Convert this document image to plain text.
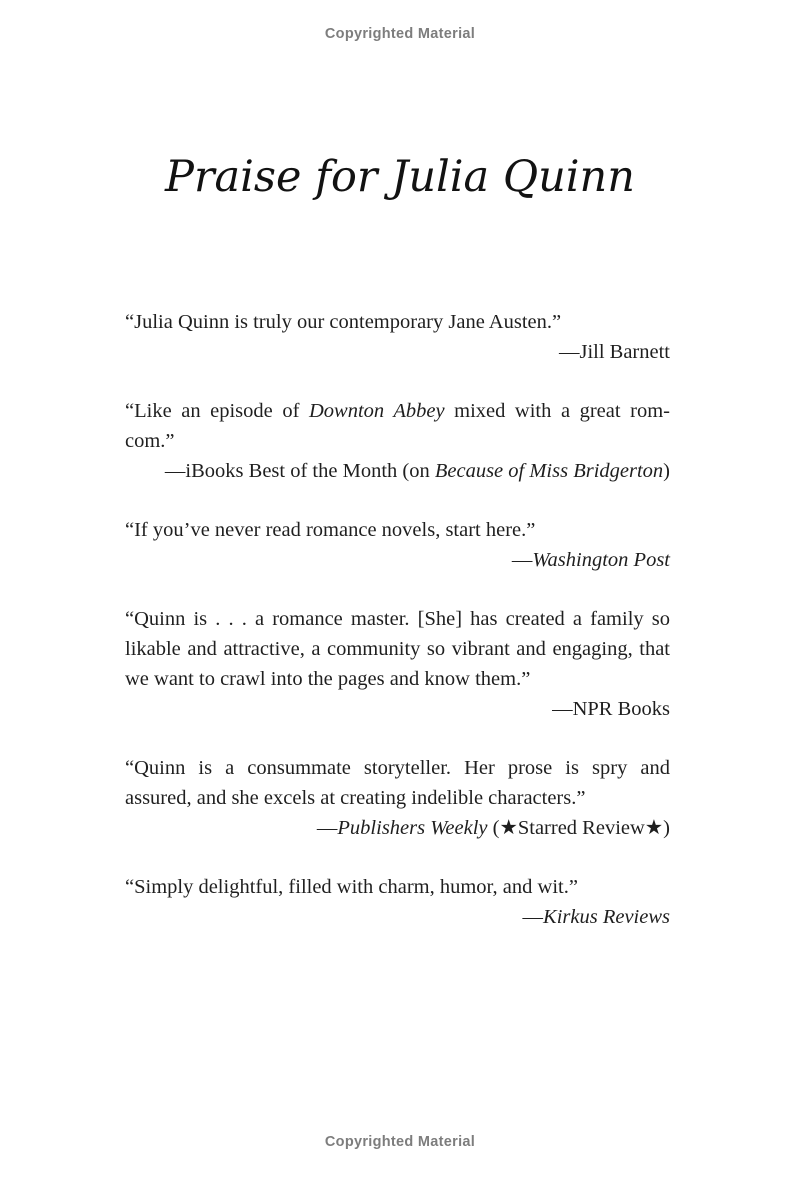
Copyrighted Material
Praise for Julia Quinn

“Julia Quinn is truly our contemporary Jane Austen.”

—Jill Barnett

“Like an episode of Downton Abbey mixed with a great rom-com.”

—iBooks Best of the Month (on Because of Miss Bridgerton)

“If you’ve never read romance novels, start here.”

—Washington Post

“Quinn is . . . a romance master. [She] has created a family so likable and attractive, a community so vibrant and engaging, that we want to crawl into the pages and know them.”

—NPR Books

“Quinn is a consummate storyteller. Her prose is spry and assured, and she excels at creating indelible characters.”

—Publishers Weekly (★Starred Review★)

“Simply delightful, filled with charm, humor, and wit.”

—Kirkus Reviews

Copyrighted Material
